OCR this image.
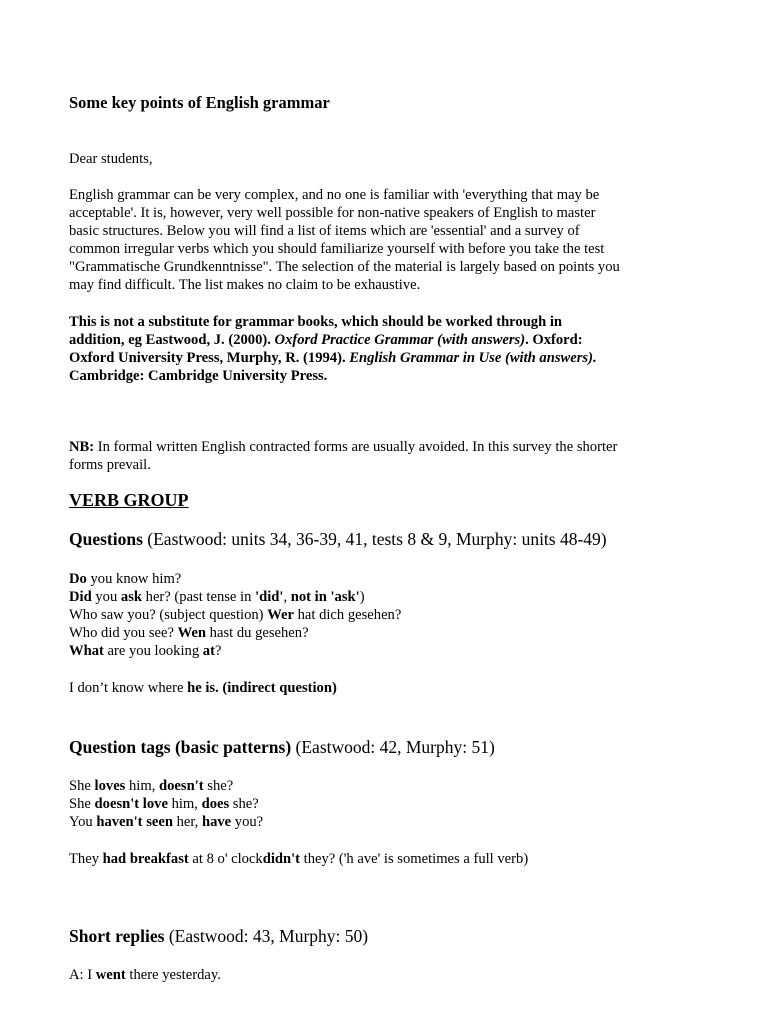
Some key points of English grammar
Dear students,
English grammar can be very complex, and no one is familiar with 'everything that may be
acceptable'. It is, however, very well possible for non-native speakers of English to master
basic structures. Below you will find a list of items which are 'essential' and a survey of
common irregular verbs which you should familiarize yourself with before you take the test
"Grammatische Grundkenntnisse". The selection of the material is largely based on points you
may find difficult. The list makes no claim to be exhaustive.
This is not a substitute for grammar books, which should be worked through in
addition, eg Eastwood, J. (2000). Oxford Practice Grammar (with answers). Oxford:
Oxford University Press, Murphy, R. (1994). English Grammar in Use (with answers).
Cambridge: Cambridge University Press.
NB: In formal written English contracted forms are usually avoided. In this survey the shorter
forms prevail.
VERB GROUP
Questions (Eastwood: units 34, 36-39, 41, tests 8 & 9, Murphy: units 48-49)
Do you know him?
Did you ask her? (past tense in 'did', not in 'ask')
Who saw you? (subject question) Wer hat dich gesehen?
Who did you see? Wen hast du gesehen?
What are you looking at?
I don’t know where he is. (indirect question)
Question tags (basic patterns) (Eastwood: 42, Murphy: 51)
She loves him, doesn't she?
She doesn't love him, does she?
You haven't seen her, have you?
They had breakfast at 8 o' clockdidn't they? ('h ave' is sometimes a full verb)
Short replies (Eastwood: 43, Murphy: 50)
A: I went there yesterday.
